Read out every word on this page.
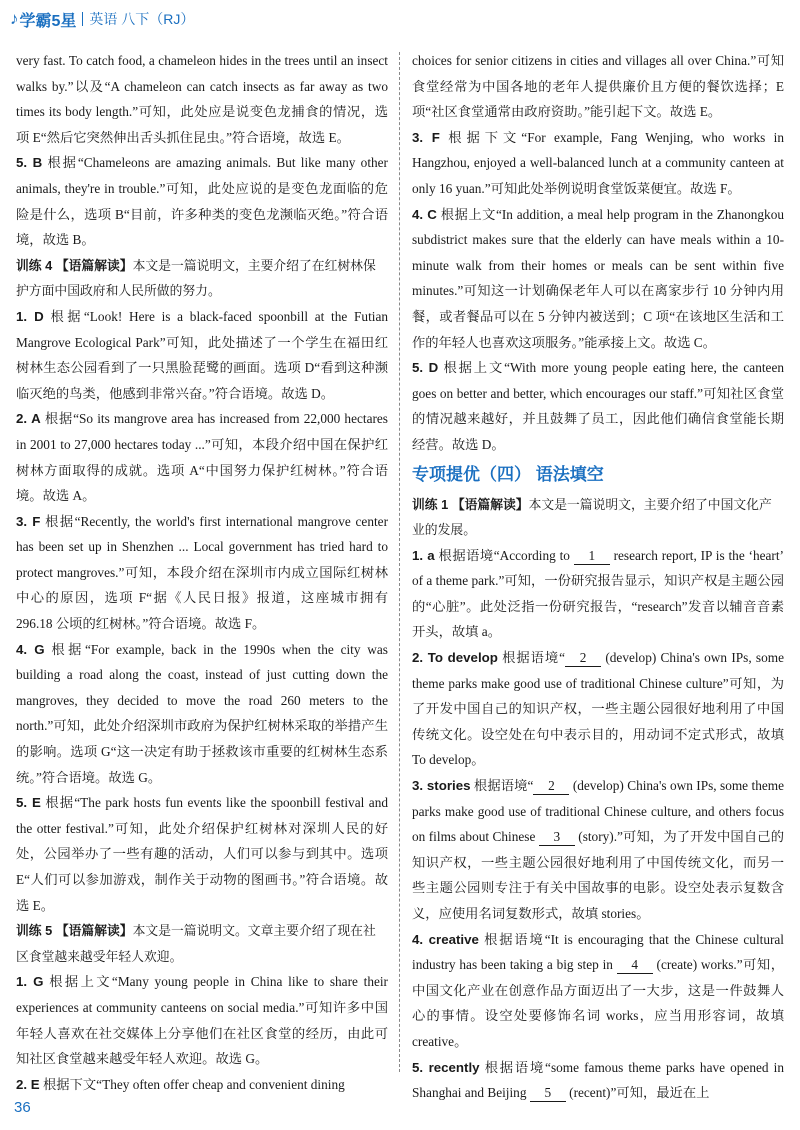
♪ 学霸5星 英语 八下（RJ）

very fast. To catch food, a chameleon hides in the trees until an insect walks by.”以及“A chameleon can catch insects as far away as two times its body length.”可知，此处应是说变色龙捕食的情况，选项 E“然后它突然伸出舌头抓住昆虫。”符合语境，故选 E。

5. B 根据“Chameleons are amazing animals. But like many other animals, they're in trouble.”可知，此处应说的是变色龙面临的危险是什么，选项 B“目前，许多种类的变色龙濒临灭绝。”符合语境，故选 B。

训练 4 【语篇解读】本文是一篇说明文，主要介绍了在红树林保护方面中国政府和人民所做的努力。

1. D 根据“Look! Here is a black-faced spoonbill at the Futian Mangrove Ecological Park”可知，此处描述了一个学生在福田红树林生态公园看到了一只黑脸琵鹭的画面。选项 D“看到这种濒临灭绝的鸟类，他感到非常兴奋。”符合语境。故选 D。

2. A 根据“So its mangrove area has increased from 22,000 hectares in 2001 to 27,000 hectares today ...”可知，本段介绍中国在保护红树林方面取得的成就。选项 A“中国努力保护红树林。”符合语境。故选 A。

3. F 根据“Recently, the world's first international mangrove center has been set up in Shenzhen ... Local government has tried hard to protect mangroves.”可知，本段介绍在深圳市内成立国际红树林中心的原因，选项 F“据《人民日报》报道，这座城市拥有 296.18 公顷的红树林。”符合语境。故选 F。

4. G 根据“For example, back in the 1990s when the city was building a road along the coast, instead of just cutting down the mangroves, they decided to move the road 260 meters to the north.”可知，此处介绍深圳市政府为保护红树林采取的举措产生的影响。选项 G“这一决定有助于拯救该市重要的红树林生态系统。”符合语境。故选 G。

5. E 根据“The park hosts fun events like the spoonbill festival and the otter festival.”可知，此处介绍保护红树林对深圳人民的好处，公园举办了一些有趣的活动，人们可以参与到其中。选项 E“人们可以参加游戏，制作关于动物的图画书。”符合语境。故选 E。

训练 5 【语篇解读】本文是一篇说明文。文章主要介绍了现在社区食堂越来越受年轻人欢迎。

1. G 根据上文“Many young people in China like to share their experiences at community canteens on social media.”可知许多中国年轻人喜欢在社交媒体上分享他们在社区食堂的经历，由此可知社区食堂越来越受年轻人欢迎。故选 G。

2. E 根据下文“They often offer cheap and convenient dining

choices for senior citizens in cities and villages all over China.”可知食堂经常为中国各地的老年人提供廉价且方便的餐饮选择；E 项“社区食堂通常由政府资助。”能引起下文。故选 E。

3. F 根据下文“For example, Fang Wenjing, who works in Hangzhou, enjoyed a well-balanced lunch at a community canteen at only 16 yuan.”可知此处举例说明食堂饭菜便宜。故选 F。

4. C 根据上文“In addition, a meal help program in the Zhanongkou subdistrict makes sure that the elderly can have meals within a 10-minute walk from their homes or meals can be sent within five minutes.”可知这一计划确保老年人可以在离家步行 10 分钟内用餐，或者餐品可以在 5 分钟内被送到；C 项“在该地区生活和工作的年轻人也喜欢这项服务。”能承接上文。故选 C。

5. D 根据上文“With more young people eating here, the canteen goes on better and better, which encourages our staff.”可知社区食堂的情况越来越好，并且鼓舞了员工，因此他们确信食堂能长期经营。故选 D。

专项提优（四） 语法填空

训练 1 【语篇解读】本文是一篇说明文，主要介绍了中国文化产业的发展。

1. a 根据语境“According to 1 research report, IP is the ‘heart’ of a theme park.”可知，一份研究报告显示，知识产权是主题公园的“心脏”。此处泛指一份研究报告，“research”发音以辅音音素开头，故填 a。

2. To develop 根据语境“ 2 (develop) China's own IPs, some theme parks make good use of traditional Chinese culture”可知，为了开发中国自己的知识产权，一些主题公园很好地利用了中国传统文化。设空处在句中表示目的，用动词不定式形式，故填 To develop。

3. stories 根据语境“ 2 (develop) China's own IPs, some theme parks make good use of traditional Chinese culture, and others focus on films about Chinese 3 (story).”可知，为了开发中国自己的知识产权，一些主题公园很好地利用了中国传统文化，而另一些主题公园则专注于有关中国故事的电影。设空处表示复数含义，应使用名词复数形式，故填 stories。

4. creative 根据语境“It is encouraging that the Chinese cultural industry has been taking a big step in 4 (create) works.”可知，中国文化产业在创意作品方面迈出了一大步，这是一件鼓舞人心的事情。设空处要修饰名词 works，应当用形容词，故填 creative。

5. recently 根据语境“some famous theme parks have opened in Shanghai and Beijing 5 (recent)”可知，最近在上

36
